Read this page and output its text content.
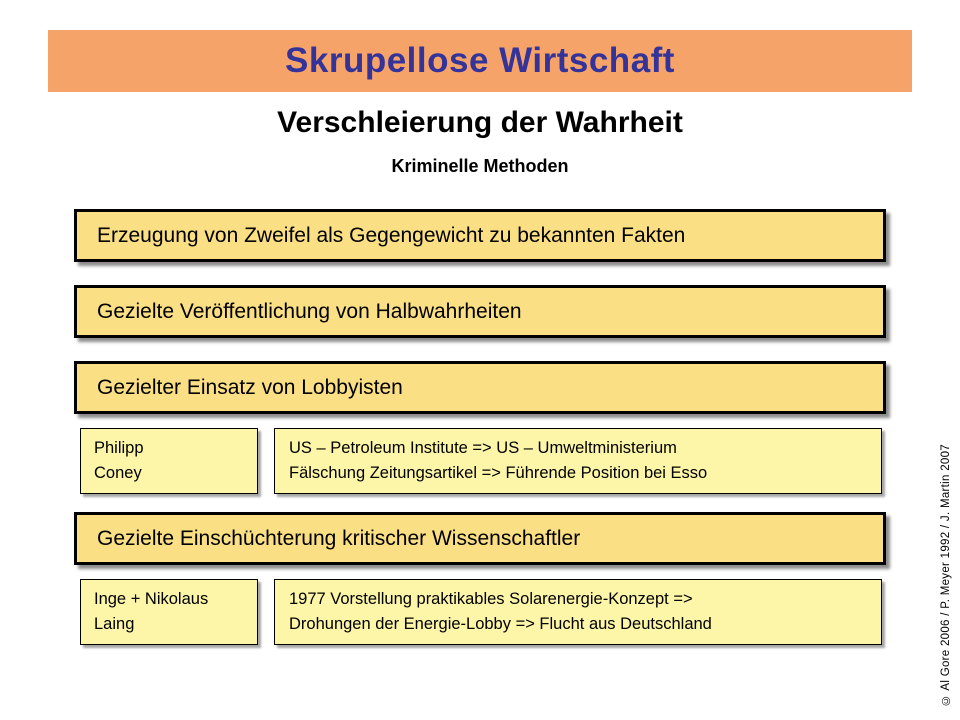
Skrupellose Wirtschaft
Verschleierung der Wahrheit
Kriminelle Methoden
Erzeugung von Zweifel als Gegengewicht zu bekannten Fakten
Gezielte Veröffentlichung von Halbwahrheiten
Gezielter Einsatz von Lobbyisten
Philipp
Coney
US – Petroleum Institute => US – Umweltministerium
Fälschung Zeitungsartikel => Führende Position bei Esso
Gezielte Einschüchterung kritischer Wissenschaftler
Inge + Nikolaus
Laing
1977 Vorstellung praktikables Solarenergie-Konzept =>
Drohungen der Energie-Lobby => Flucht aus Deutschland	© Al Gore 2006 / P. Meyer 1992 / J. Martin 2007
